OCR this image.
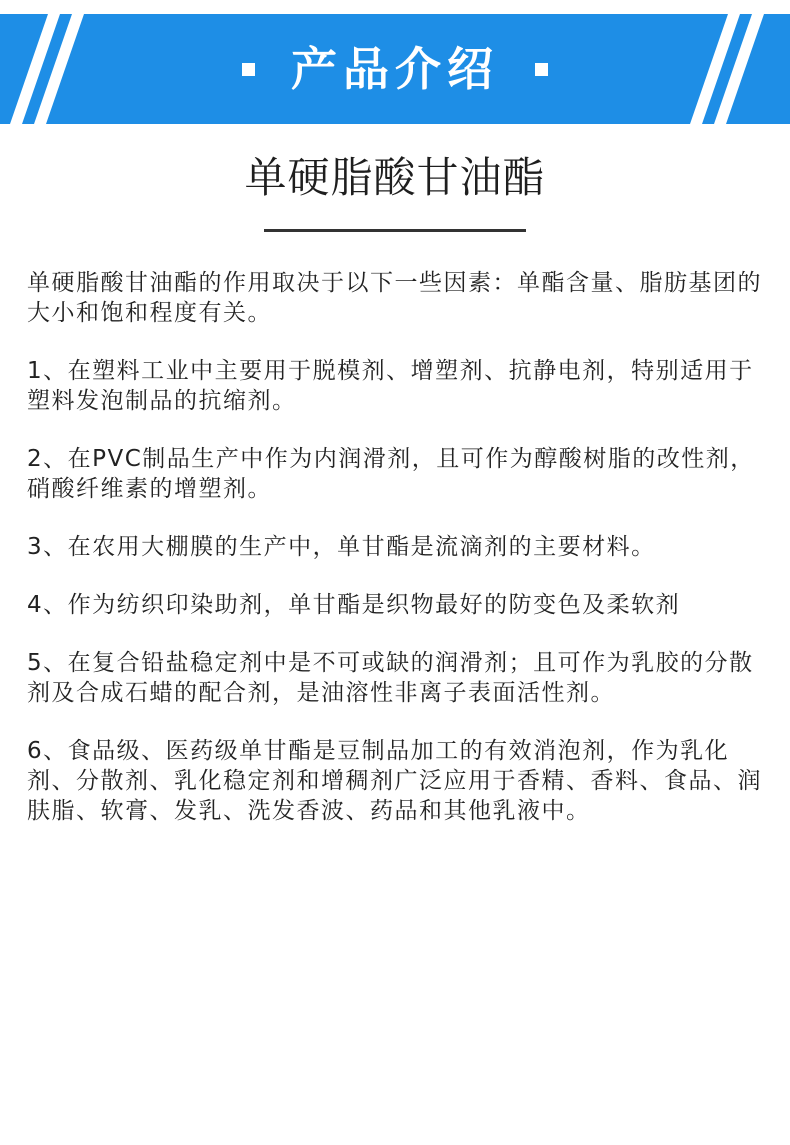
产品介绍
单硬脂酸甘油酯

单硬脂酸甘油酯的作用取决于以下一些因素：单酯含量、脂肪基团的大小和饱和程度有关。

1、在塑料工业中主要用于脱模剂、增塑剂、抗静电剂，特别适用于塑料发泡制品的抗缩剂。

2、在PVC制品生产中作为内润滑剂，且可作为醇酸树脂的改性剂，硝酸纤维素的增塑剂。

3、在农用大棚膜的生产中，单甘酯是流滴剂的主要材料。

4、作为纺织印染助剂，单甘酯是织物最好的防变色及柔软剂

5、在复合铅盐稳定剂中是不可或缺的润滑剂；且可作为乳胶的分散剂及合成石蜡的配合剂，是油溶性非离子表面活性剂。

6、食品级、医药级单甘酯是豆制品加工的有效消泡剂，作为乳化剂、分散剂、乳化稳定剂和增稠剂广泛应用于香精、香料、食品、润肤脂、软膏、发乳、洗发香波、药品和其他乳液中。
